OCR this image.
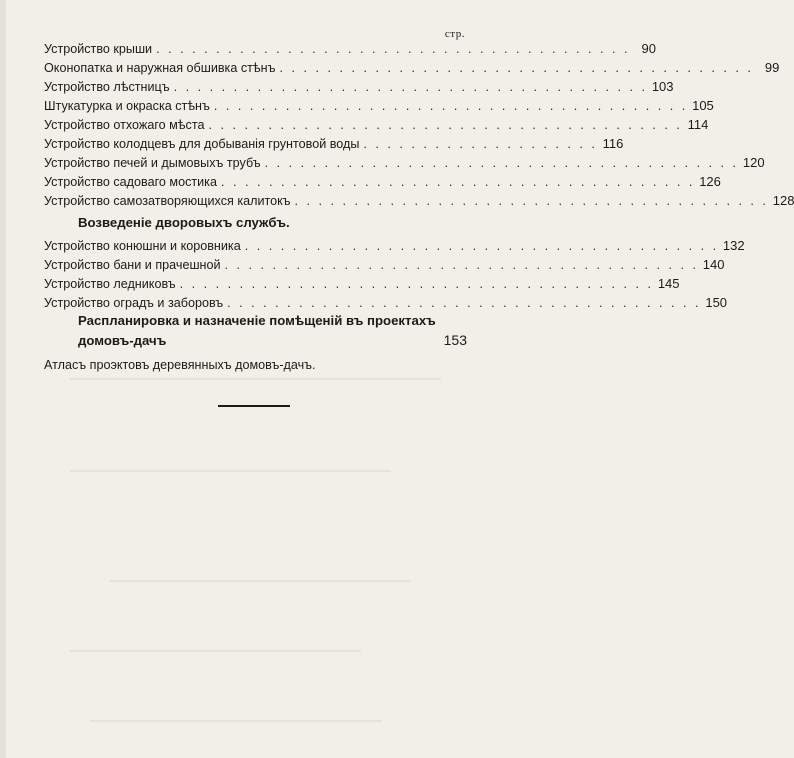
стр.
Устройство крыши . . . . . . . . . . . . . . . . . . . . . . . . . . . . . . . . . . . . . . . . 90
Оконопатка и наружная обшивка стѣнъ . . . . . . . . . . . . . . . . . . . . . . . . . . . . . . . . . . . . . . . . 99
Устройство лѣстницъ . . . . . . . . . . . . . . . . . . . . . . . . . . . . . . . . . . . . . . . . 103
Штукатурка и окраска стѣнъ . . . . . . . . . . . . . . . . . . . . . . . . . . . . . . . . . . . . . . . . 105
Устройство отхожаго мѣста . . . . . . . . . . . . . . . . . . . . . . . . . . . . . . . . . . . . . . . . 114
Устройство колодцевъ для добыванія грунтовой воды . . . . . . . . . . . . . . . . . . . . 116
Устройство печей и дымовыхъ трубъ . . . . . . . . . . . . . . . . . . . . . . . . . . . . . . . . . . . . . . . . 120
Устройство садоваго мостика . . . . . . . . . . . . . . . . . . . . . . . . . . . . . . . . . . . . . . . . 126
Устройство самозатворяющихся калитокъ . . . . . . . . . . . . . . . . . . . . . . . . . . . . . . . . . . . . . . . . 128
Возведеніе дворовыхъ службъ.
Устройство конюшни и коровника . . . . . . . . . . . . . . . . . . . . . . . . . . . . . . . . . . . . . . . . 132
Устройство бани и прачешной . . . . . . . . . . . . . . . . . . . . . . . . . . . . . . . . . . . . . . . . 140
Устройство ледниковъ . . . . . . . . . . . . . . . . . . . . . . . . . . . . . . . . . . . . . . . . 145
Устройство оградъ и заборовъ . . . . . . . . . . . . . . . . . . . . . . . . . . . . . . . . . . . . . . . . 150
Распланировка и назначеніе помѣщеній въ проектахъ
домовъ-дачъ	153
Атласъ проэктовъ деревянныхъ домовъ-дачъ.
